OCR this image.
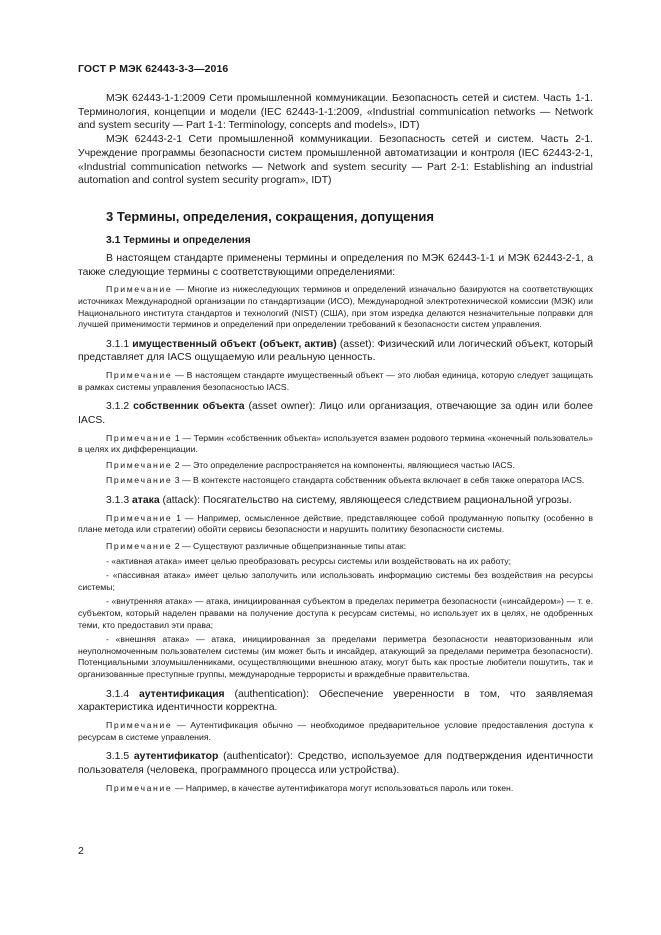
ГОСТ Р МЭК 62443-3-3—2016

МЭК 62443-1-1:2009 Сети промышленной коммуникации. Безопасность сетей и систем. Часть 1-1. Терминология, концепции и модели (IEC 62443-1-1:2009, «Industrial communication networks — Network and system security — Part 1-1: Terminology, concepts and models», IDT)

МЭК 62443-2-1 Сети промышленной коммуникации. Безопасность сетей и систем. Часть 2-1. Учреждение программы безопасности систем промышленной автоматизации и контроля (IEC 62443-2-1, «Industrial communication networks — Network and system security — Part 2-1: Establishing an industrial automation and control system security program», IDT)

3 Термины, определения, сокращения, допущения
3.1 Термины и определения

В настоящем стандарте применены термины и определения по МЭК 62443-1-1 и МЭК 62443-2-1, а также следующие термины с соответствующими определениями:

Примечание — Многие из нижеследующих терминов и определений изначально базируются на соответствующих источниках Международной организации по стандартизации (ИСО), Международной электротехнической комиссии (МЭК) или Национального института стандартов и технологий (NIST) (США), при этом изредка делаются незначительные поправки для лучшей применимости терминов и определений при определении требований к безопасности систем управления.

3.1.1 имущественный объект (объект, актив) (asset): Физический или логический объект, который представляет для IACS ощущаемую или реальную ценность.

Примечание — В настоящем стандарте имущественный объект — это любая единица, которую следует защищать в рамках системы управления безопасностью IACS.

3.1.2 собственник объекта (asset owner): Лицо или организация, отвечающие за один или более IACS.

Примечание 1 — Термин «собственник объекта» используется взамен родового термина «конечный пользователь» в целях их дифференциации.

Примечание 2 — Это определение распространяется на компоненты, являющиеся частью IACS.

Примечание 3 — В контексте настоящего стандарта собственник объекта включает в себя также оператора IACS.

3.1.3 атака (attack): Посягательство на систему, являющееся следствием рациональной угрозы.

Примечание 1 — Например, осмысленное действие, представляющее собой продуманную попытку (особенно в плане метода или стратегии) обойти сервисы безопасности и нарушить политику безопасности системы.

Примечание 2 — Существуют различные общепризнанные типы атак:

- «активная атака» имеет целью преобразовать ресурсы системы или воздействовать на их работу;

- «пассивная атака» имеет целью заполучить или использовать информацию системы без воздействия на ресурсы системы;

- «внутренняя атака» — атака, инициированная субъектом в пределах периметра безопасности («инсайдером») — т. е. субъектом, который наделен правами на получение доступа к ресурсам системы, но использует их в целях, не одобренных теми, кто предоставил эти права;

- «внешняя атака» — атака, инициированная за пределами периметра безопасности неавторизованным или неуполномоченным пользователем системы (им может быть и инсайдер, атакующий за пределами периметра безопасности). Потенциальными злоумышленниками, осуществляющими внешнюю атаку, могут быть как простые любители пошутить, так и организованные преступные группы, международные террористы и враждебные правительства.

3.1.4 аутентификация (authentication): Обеспечение уверенности в том, что заявляемая характеристика идентичности корректна.

Примечание — Аутентификация обычно — необходимое предварительное условие предоставления доступа к ресурсам в системе управления.

3.1.5 аутентификатор (authenticator): Средство, используемое для подтверждения идентичности пользователя (человека, программного процесса или устройства).

Примечание — Например, в качестве аутентификатора могут использоваться пароль или токен.

2
